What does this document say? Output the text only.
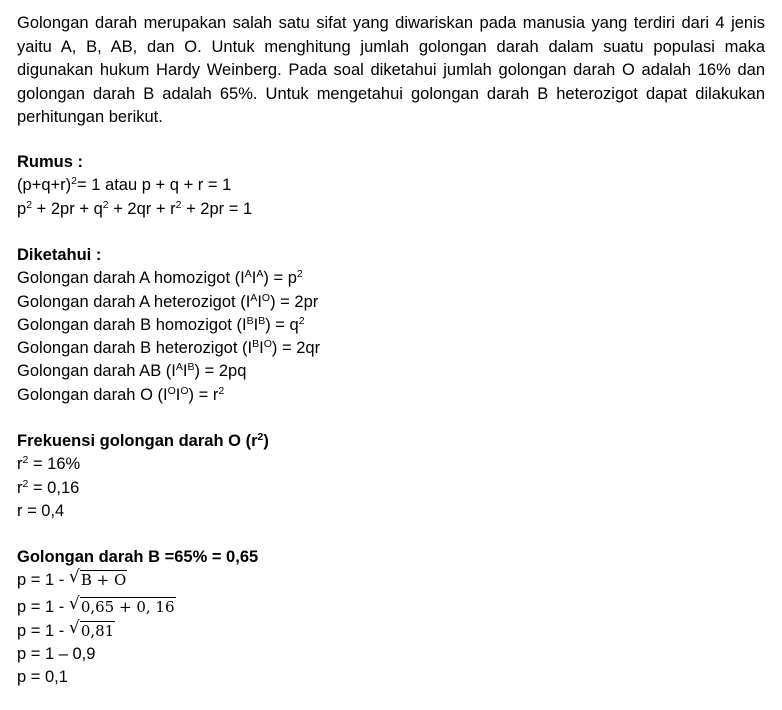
Golongan darah merupakan salah satu sifat yang diwariskan pada manusia yang terdiri dari 4 jenis yaitu A, B, AB, dan O. Untuk menghitung jumlah golongan darah dalam suatu populasi maka digunakan hukum Hardy Weinberg. Pada soal diketahui jumlah golongan darah O adalah 16% dan golongan darah B adalah 65%. Untuk mengetahui golongan darah B heterozigot dapat dilakukan perhitungan berikut.

Rumus :
$(p+q+r)^2= 1$ atau p + q + r = 1
$p^2 + 2pr + q^2 + 2qr + r^2 + 2pr = 1$
Diketahui :
Golongan darah A homozigot $(I^AI^A) = p^2$
Golongan darah A heterozigot $(I^AI^O) = 2pr$
Golongan darah B homozigot $(I^BI^B) = q^2$
Golongan darah B heterozigot $(I^BI^O) = 2qr$
Golongan darah AB $(I^AI^B) = 2pq$
Golongan darah O $(I^OI^O) = r^2$
Frekuensi golongan darah O $(r^2)$
$r^2 = 16\%$
$r^2 = 0,16$
r = 0,4
Golongan darah B =65% = 0,65
p = 1 - √ B + O
p = 1 - √ 0,65 + 0, 16
p = 1 - √ 0,81
p = 1 – 0,9
p = 0,1
